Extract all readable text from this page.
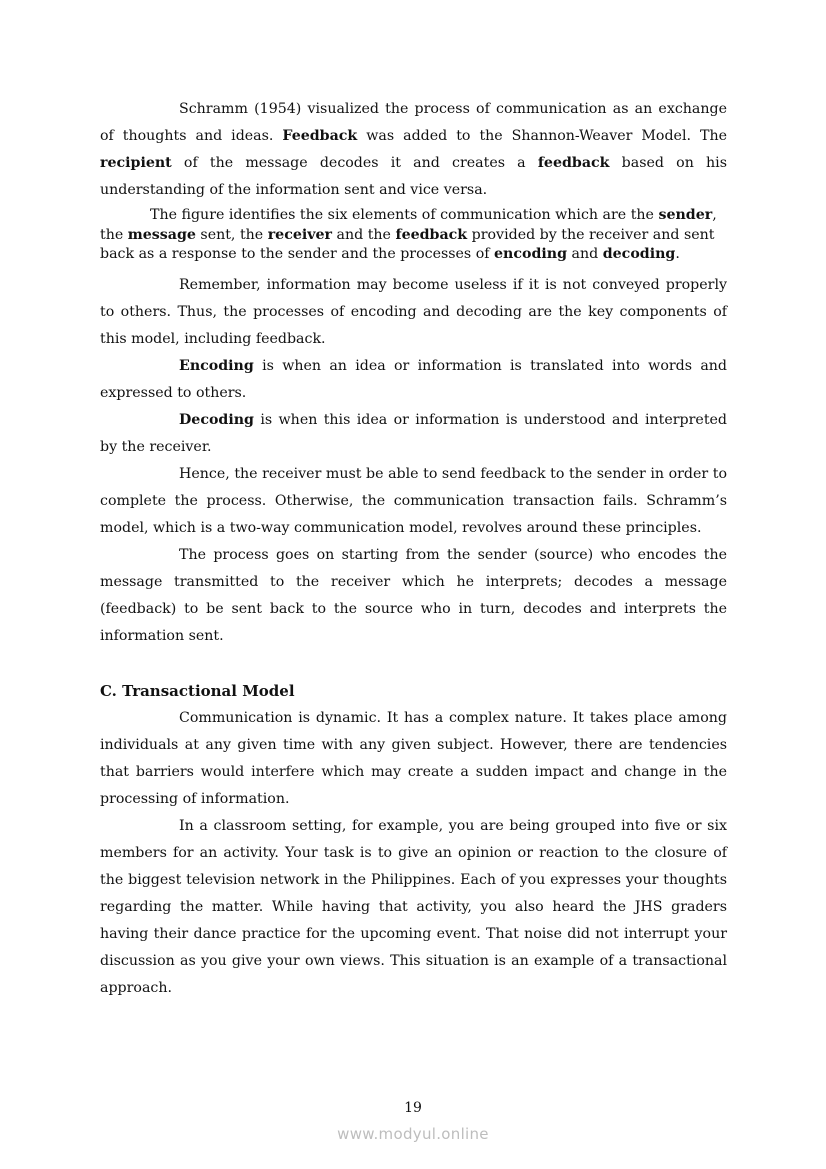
Schramm (1954) visualized the process of communication as an exchange of thoughts and ideas. Feedback was added to the Shannon-Weaver Model. The recipient of the message decodes it and creates a feedback based on his understanding of the information sent and vice versa.

The figure identifies the six elements of communication which are the sender, the message sent, the receiver and the feedback provided by the receiver and sent back as a response to the sender and the processes of encoding and decoding.

Remember, information may become useless if it is not conveyed properly to others. Thus, the processes of encoding and decoding are the key components of this model, including feedback.

Encoding is when an idea or information is translated into words and expressed to others.

Decoding is when this idea or information is understood and interpreted by the receiver.

Hence, the receiver must be able to send feedback to the sender in order to complete the process. Otherwise, the communication transaction fails. Schramm’s model, which is a two-way communication model, revolves around these principles.

The process goes on starting from the sender (source) who encodes the message transmitted to the receiver which he interprets; decodes a message (feedback) to be sent back to the source who in turn, decodes and interprets the information sent.

C. Transactional Model

Communication is dynamic. It has a complex nature. It takes place among individuals at any given time with any given subject. However, there are tendencies that barriers would interfere which may create a sudden impact and change in the processing of information.

In a classroom setting, for example, you are being grouped into five or six members for an activity. Your task is to give an opinion or reaction to the closure of the biggest television network in the Philippines. Each of you expresses your thoughts regarding the matter. While having that activity, you also heard the JHS graders having their dance practice for the upcoming event. That noise did not interrupt your discussion as you give your own views. This situation is an example of a transactional approach.

19
www.modyul.online
